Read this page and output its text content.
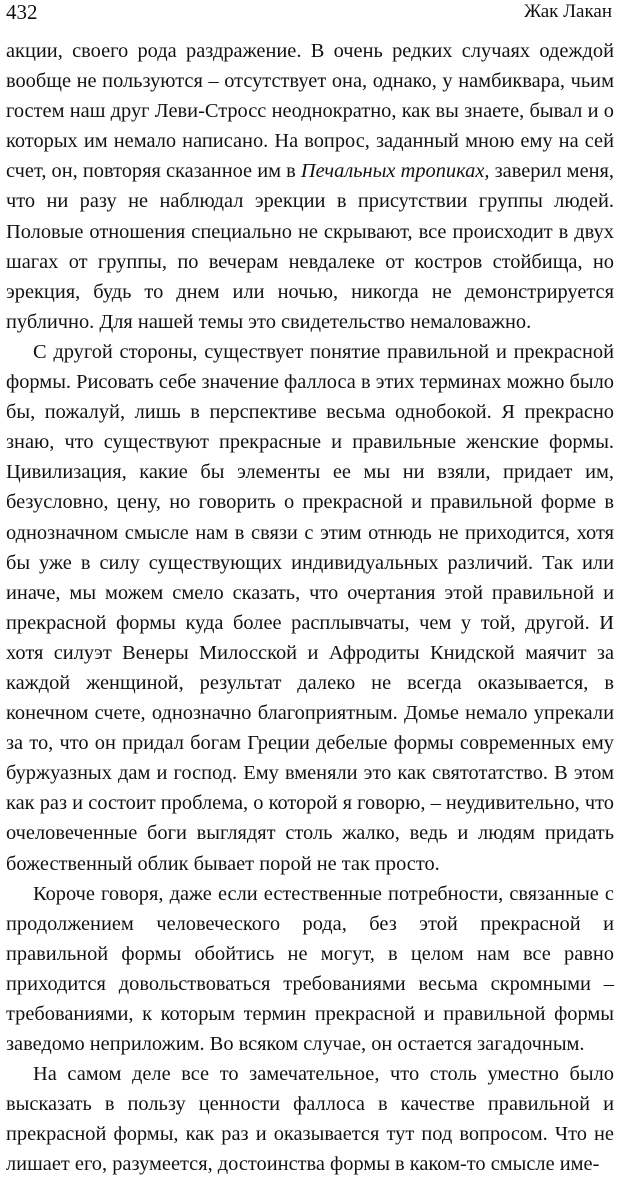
432	Жак Лакан

акции, своего рода раздражение. В очень редких случаях одеждой вообще не пользуются – отсутствует она, однако, у намбиквара, чьим гостем наш друг Леви-Стросс неоднократно, как вы знаете, бывал и о которых им немало написано. На вопрос, заданный мною ему на сей счет, он, повторяя сказанное им в Печальных тропиках, заверил меня, что ни разу не наблюдал эрекции в присутствии группы людей. Половые отношения специально не скрывают, все происходит в двух шагах от группы, по вечерам невдалеке от костров стойбища, но эрекция, будь то днем или ночью, никогда не демонстрируется публично. Для нашей темы это свидетельство немаловажно.

С другой стороны, существует понятие правильной и прекрасной формы. Рисовать себе значение фаллоса в этих терминах можно было бы, пожалуй, лишь в перспективе весьма однобокой. Я прекрасно знаю, что существуют прекрасные и правильные женские формы. Цивилизация, какие бы элементы ее мы ни взяли, придает им, безусловно, цену, но говорить о прекрасной и правильной форме в однозначном смысле нам в связи с этим отнюдь не приходится, хотя бы уже в силу существующих индивидуальных различий. Так или иначе, мы можем смело сказать, что очертания этой правильной и прекрасной формы куда более расплывчаты, чем у той, другой. И хотя силуэт Венеры Милосской и Афродиты Книдской маячит за каждой женщиной, результат далеко не всегда оказывается, в конечном счете, однозначно благоприятным. Домье немало упрекали за то, что он придал богам Греции дебелые формы современных ему буржуазных дам и господ. Ему вменяли это как святотатство. В этом как раз и состоит проблема, о которой я говорю, – неудивительно, что очеловеченные боги выглядят столь жалко, ведь и людям придать божественный облик бывает порой не так просто.

Короче говоря, даже если естественные потребности, связанные с продолжением человеческого рода, без этой прекрасной и правильной формы обойтись не могут, в целом нам все равно приходится довольствоваться требованиями весьма скромными – требованиями, к которым термин прекрасной и правильной формы заведомо неприложим. Во всяком случае, он остается загадочным.

На самом деле все то замечательное, что столь уместно было высказать в пользу ценности фаллоса в качестве правильной и прекрасной формы, как раз и оказывается тут под вопросом. Что не лишает его, разумеется, достоинства формы в каком-то смысле име-
